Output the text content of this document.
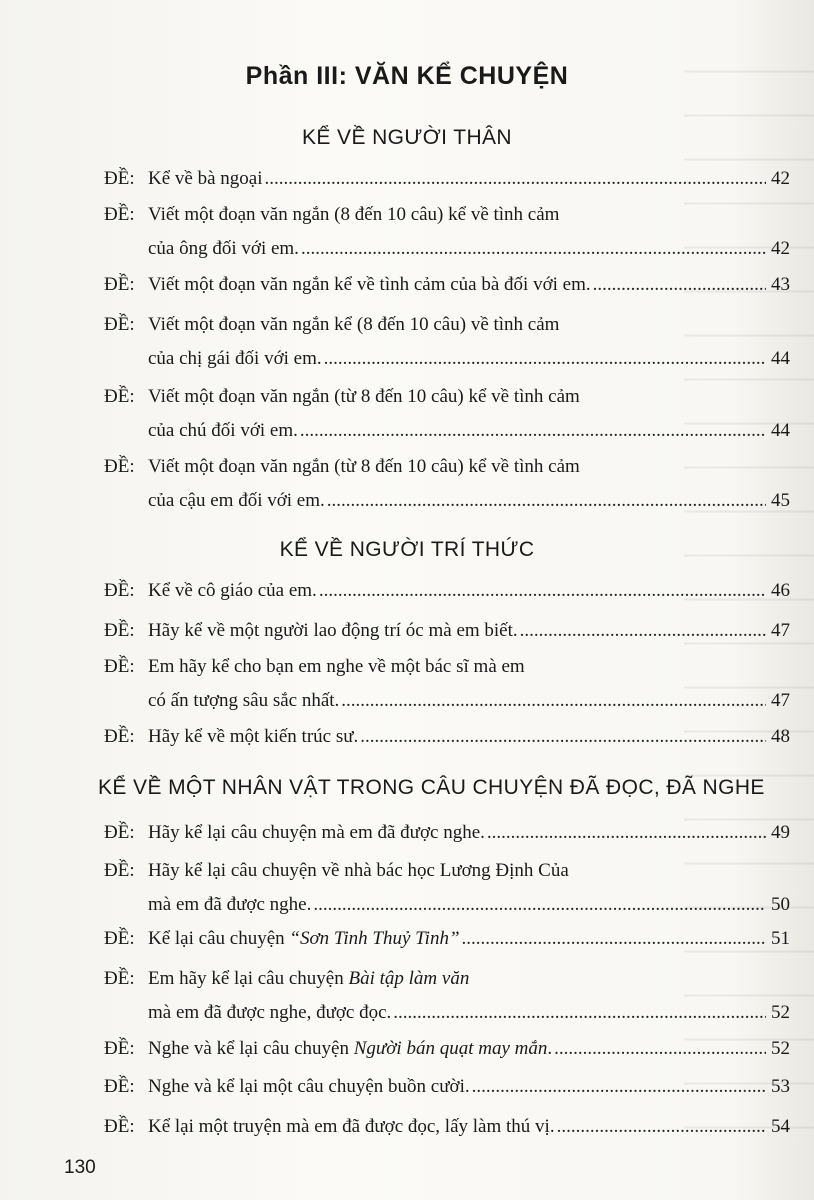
Phần III: VĂN KỂ CHUYỆN
KỂ VỀ NGƯỜI THÂN
ĐỀ: Kể về bà ngoại .....	42
ĐỀ: Viết một đoạn văn ngắn (8 đến 10 câu) kể về tình cảm
của ông đối với em. .....	42
ĐỀ: Viết một đoạn văn ngắn kể về tình cảm của bà đối với em. .....	43
ĐỀ: Viết một đoạn văn ngắn kể (8 đến 10 câu) về tình cảm
của chị gái đối với em. .....	44
ĐỀ: Viết một đoạn văn ngắn (từ 8 đến 10 câu) kể về tình cảm
của chú đối với em. .....	44
ĐỀ: Viết một đoạn văn ngắn (từ 8 đến 10 câu) kể về tình cảm
của cậu em đối với em. .....	45
KỂ VỀ NGƯỜI TRÍ THỨC
ĐỀ: Kể về cô giáo của em. .....	46
ĐỀ: Hãy kể về một người lao động trí óc mà em biết. .....	47
ĐỀ: Em hãy kể cho bạn em nghe về một bác sĩ mà em
có ấn tượng sâu sắc nhất. .....	47
ĐỀ: Hãy kể về một kiến trúc sư. .....	48
KỂ VỀ MỘT NHÂN VẬT TRONG CÂU CHUYỆN ĐÃ ĐỌC, ĐÃ NGHE
ĐỀ: Hãy kể lại câu chuyện mà em đã được nghe. .....	49
ĐỀ: Hãy kể lại câu chuyện về nhà bác học Lương Định Của
mà em đã được nghe. .....	50
ĐỀ: Kể lại câu chuyện “Sơn Tinh Thuỷ Tinh” .....	51
ĐỀ: Em hãy kể lại câu chuyện Bài tập làm văn
mà em đã được nghe, được đọc. .....	52
ĐỀ: Nghe và kể lại câu chuyện Người bán quạt may mắn. .....	52
ĐỀ: Nghe và kể lại một câu chuyện buồn cười. .....	53
ĐỀ: Kể lại một truyện mà em đã được đọc, lấy làm thú vị. .....	54
130
